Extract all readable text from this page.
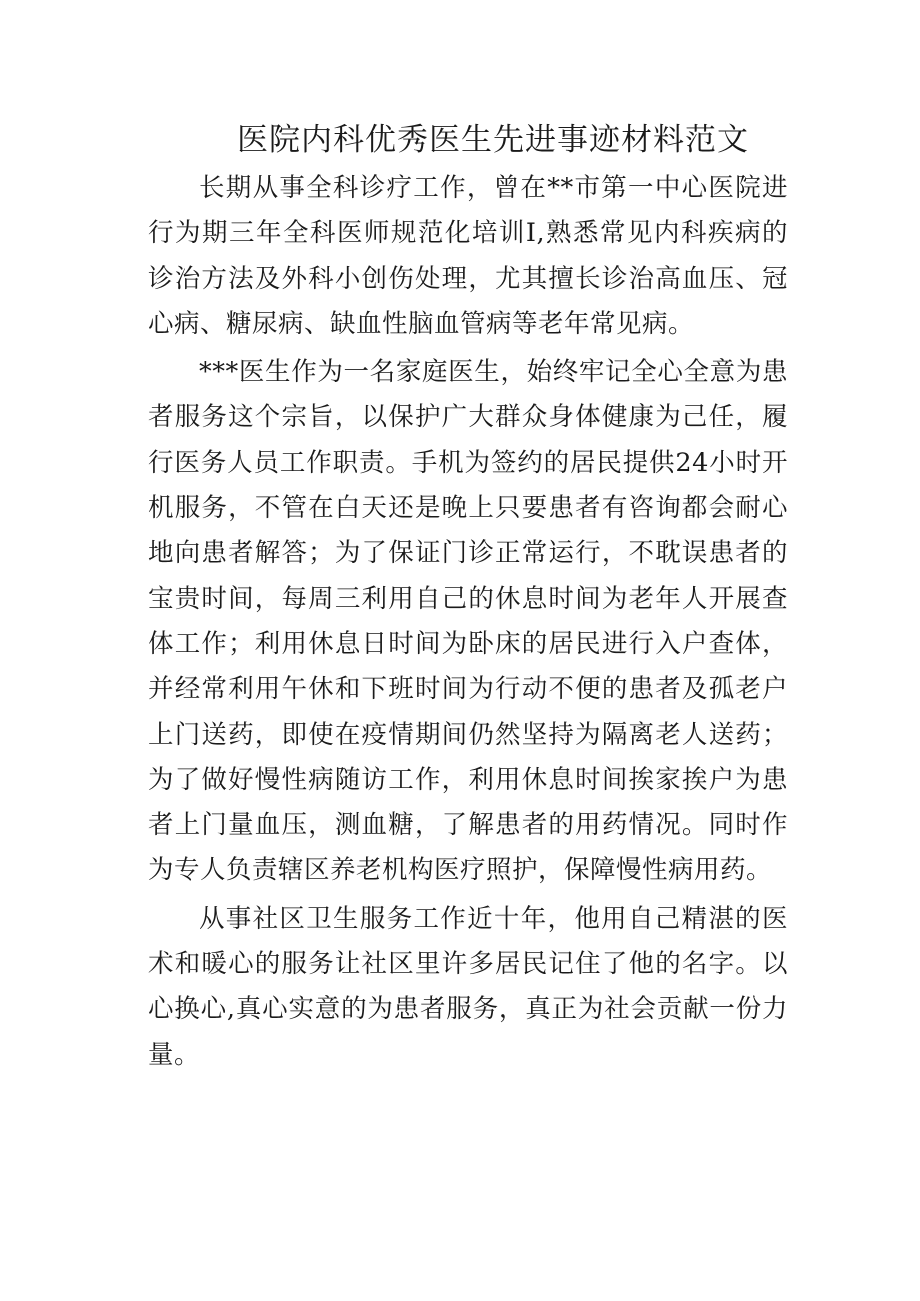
医院内科优秀医生先进事迹材料范文

长期从事全科诊疗工作，曾在**市第一中心医院进行为期三年全科医师规范化培训I,熟悉常见内科疾病的诊治方法及外科小创伤处理，尤其擅长诊治高血压、冠心病、糖尿病、缺血性脑血管病等老年常见病。

***医生作为一名家庭医生，始终牢记全心全意为患者服务这个宗旨，以保护广大群众身体健康为己任，履行医务人员工作职责。手机为签约的居民提供24小时开机服务，不管在白天还是晚上只要患者有咨询都会耐心地向患者解答；为了保证门诊正常运行，不耽误患者的宝贵时间，每周三利用自己的休息时间为老年人开展查体工作；利用休息日时间为卧床的居民进行入户查体，并经常利用午休和下班时间为行动不便的患者及孤老户上门送药，即使在疫情期间仍然坚持为隔离老人送药；为了做好慢性病随访工作，利用休息时间挨家挨户为患者上门量血压，测血糖，了解患者的用药情况。同时作为专人负责辖区养老机构医疗照护，保障慢性病用药。

从事社区卫生服务工作近十年，他用自己精湛的医术和暖心的服务让社区里许多居民记住了他的名字。以心换心,真心实意的为患者服务，真正为社会贡献一份力量。
